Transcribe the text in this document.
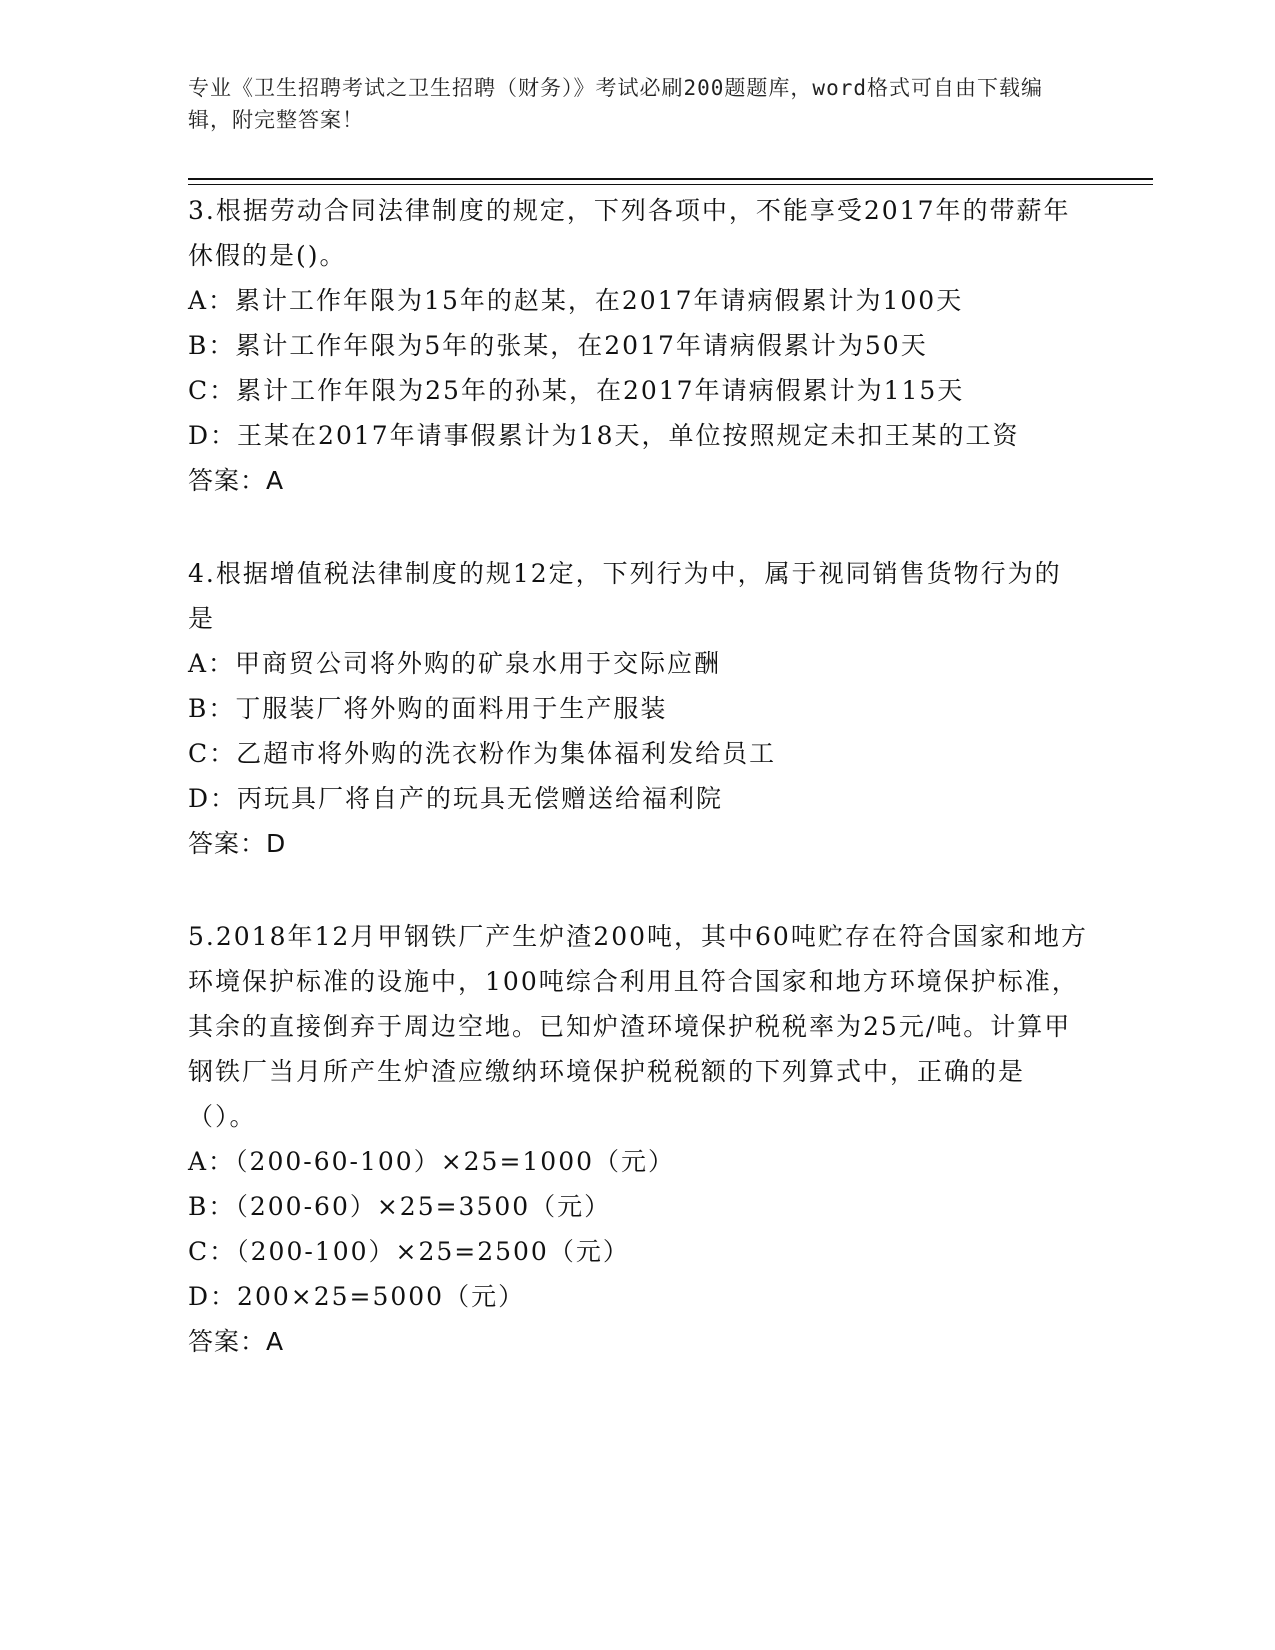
专业《卫生招聘考试之卫生招聘（财务）》考试必刷200题题库，word格式可自由下载编辑，附完整答案！
3.根据劳动合同法律制度的规定，下列各项中，不能享受2017年的带薪年休假的是()。
A：累计工作年限为15年的赵某，在2017年请病假累计为100天
B：累计工作年限为5年的张某，在2017年请病假累计为50天
C：累计工作年限为25年的孙某，在2017年请病假累计为115天
D：王某在2017年请事假累计为18天，单位按照规定未扣王某的工资
答案：A
4.根据增值税法律制度的规12定，下列行为中，属于视同销售货物行为的是
A：甲商贸公司将外购的矿泉水用于交际应酬
B：丁服装厂将外购的面料用于生产服装
C：乙超市将外购的洗衣粉作为集体福利发给员工
D：丙玩具厂将自产的玩具无偿赠送给福利院
答案：D
5.2018年12月甲钢铁厂产生炉渣200吨，其中60吨贮存在符合国家和地方环境保护标准的设施中，100吨综合利用且符合国家和地方环境保护标准，其余的直接倒弃于周边空地。已知炉渣环境保护税税率为25元/吨。计算甲钢铁厂当月所产生炉渣应缴纳环境保护税税额的下列算式中，正确的是（）。
A：（200-60-100）×25=1000（元）
B：（200-60）×25=3500（元）
C：（200-100）×25=2500（元）
D：200×25=5000（元）
答案：A
